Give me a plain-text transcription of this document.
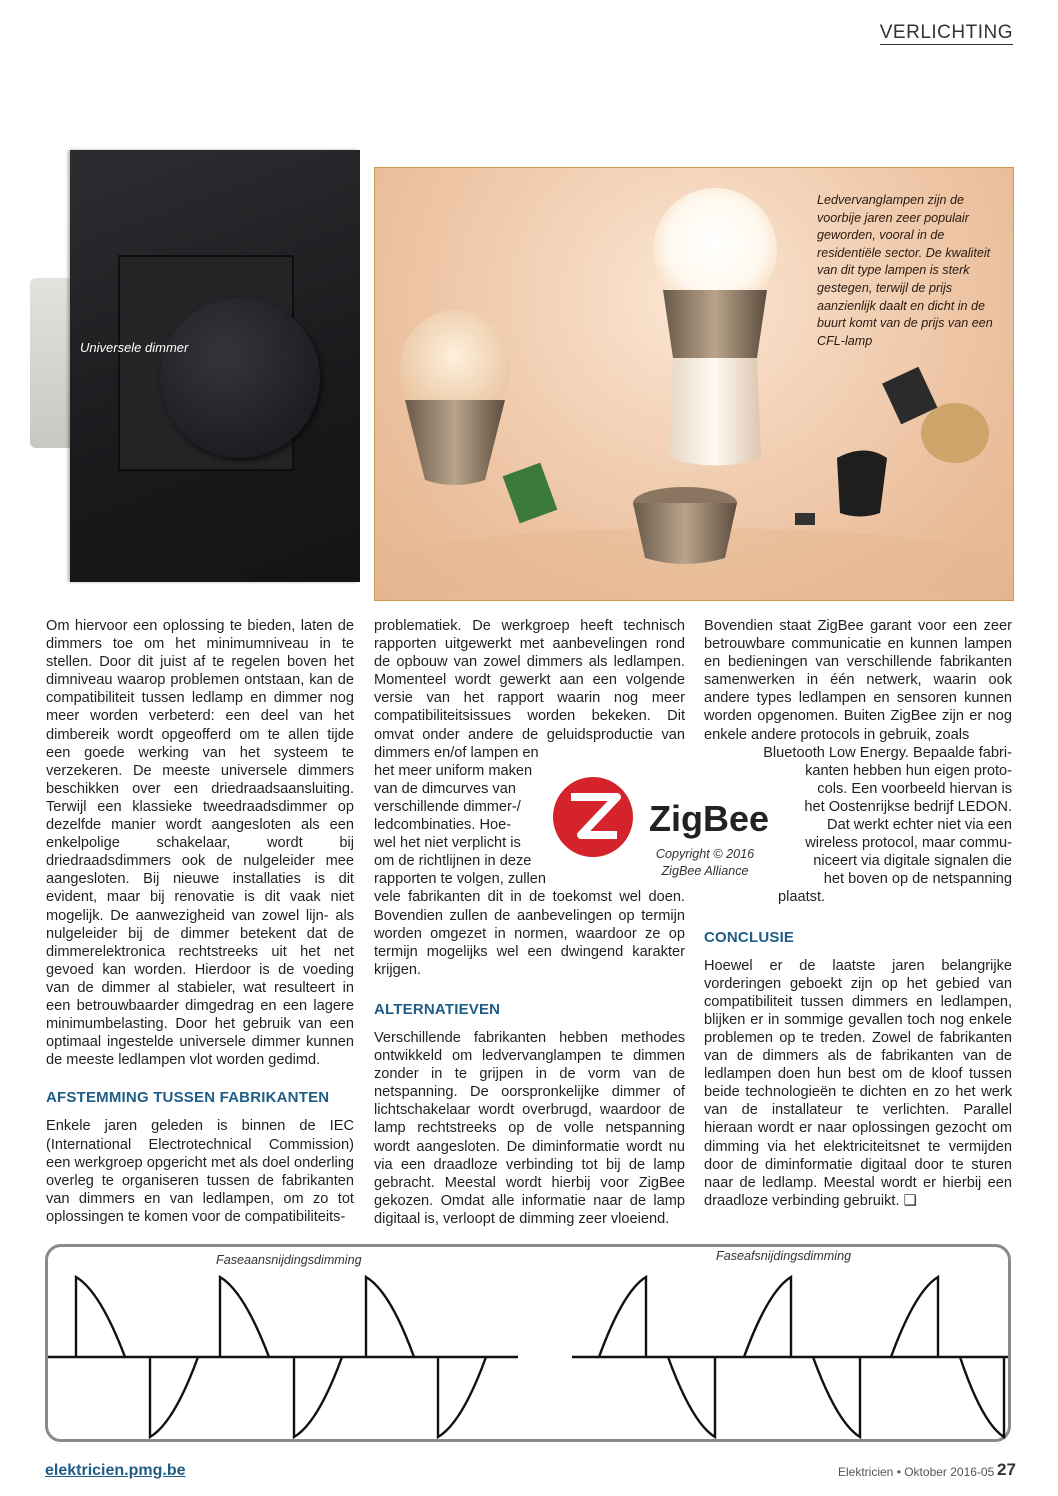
VERLICHTING
Universele dimmer
Ledvervanglampen zijn de voorbije jaren zeer populair geworden, vooral in de residentiële sector. De kwaliteit van dit type lampen is sterk gestegen, terwijl de prijs aanzienlijk daalt en dicht in de buurt komt van de prijs van een CFL-lamp

Om hiervoor een oplossing te bieden, laten de dimmers toe om het minimumniveau in te stellen. Door dit juist af te regelen boven het dimniveau waarop problemen ontstaan, kan de compatibiliteit tussen ledlamp en dimmer nog meer worden verbeterd: een deel van het dimbereik wordt opgeofferd om te allen tijde een goede werking van het systeem te verzekeren. De meeste universele dimmers beschikken over een driedraadsaansluiting. Terwijl een klassieke tweedraadsdimmer op dezelfde manier wordt aangesloten als een enkelpolige schakelaar, wordt bij driedraadsdimmers ook de nulgeleider mee aangesloten. Bij nieuwe installaties is dit evident, maar bij renovatie is dit vaak niet mogelijk. De aanwezigheid van zowel lijn- als nulgeleider bij de dimmer betekent dat de dimmerelektronica rechtstreeks uit het net gevoed kan worden. Hierdoor is de voeding van de dimmer al stabieler, wat resulteert in een betrouwbaarder dimgedrag en een lagere minimumbelasting. Door het gebruik van een optimaal ingestelde universele dimmer kunnen de meeste ledlampen vlot worden gedimd.

AFSTEMMING TUSSEN FABRIKANTEN

Enkele jaren geleden is binnen de IEC (International Electrotechnical Commission) een werkgroep opgericht met als doel onderling overleg te organiseren tussen de fabrikanten van dimmers en van ledlampen, om zo tot oplossingen te komen voor de compatibiliteits-

problematiek. De werkgroep heeft technisch rapporten uitgewerkt met aanbevelingen rond de opbouw van zowel dimmers als ledlampen. Momenteel wordt gewerkt aan een volgende versie van het rapport waarin nog meer compatibiliteitsissues worden bekeken. Dit omvat onder andere de geluidsproductie van dimmers en/of lampen en

het meer uniform maken
van de dimcurves van
verschillende dimmer-/
ledcombinaties. Hoe-
wel het niet verplicht is
om de richtlijnen in deze
rapporten te volgen, zullen

vele fabrikanten dit in de toekomst wel doen. Bovendien zullen de aanbevelingen op termijn worden omgezet in normen, waardoor ze op termijn mogelijks wel een dwingend karakter krijgen.

ALTERNATIEVEN

Verschillende fabrikanten hebben methodes ontwikkeld om ledvervanglampen te dimmen zonder in te grijpen in de vorm van de netspanning. De oorspronkelijke dimmer of lichtschakelaar wordt overbrugd, waardoor de lamp rechtstreeks op de volle netspanning wordt aangesloten. De diminformatie wordt nu via een draadloze verbinding tot bij de lamp gebracht. Meestal wordt hierbij voor ZigBee gekozen. Omdat alle informatie naar de lamp digitaal is, verloopt de dimming zeer vloeiend.

ZigBee
Copyright © 2016
ZigBee Alliance

Bovendien staat ZigBee garant voor een zeer betrouwbare communicatie en kunnen lampen en bedieningen van verschillende fabrikanten samenwerken in één netwerk, waarin ook andere types ledlampen en sensoren kunnen worden opgenomen. Buiten ZigBee zijn er nog enkele andere protocols in gebruik, zoals

Bluetooth Low Energy. Bepaalde fabri-
kanten hebben hun eigen proto-
cols. Een voorbeeld hiervan is
het Oostenrijkse bedrijf LEDON.
Dat werkt echter niet via een
wireless protocol, maar commu-
niceert via digitale signalen die
het boven op de netspanning
plaatst.
CONCLUSIE

Hoewel er de laatste jaren belangrijke vorderingen geboekt zijn op het gebied van compatibiliteit tussen dimmers en ledlampen, blijken er in sommige gevallen toch nog enkele problemen op te treden. Zowel de fabrikanten van de dimmers als de fabrikanten van de ledlampen doen hun best om de kloof tussen beide technologieën te dichten en zo het werk van de installateur te verlichten. Parallel hieraan wordt er naar oplossingen gezocht om dimming via het elektriciteitsnet te vermijden door de diminformatie digitaal door te sturen naar de ledlamp. Meestal wordt er hierbij een draadloze verbinding gebruikt. ❑

Faseaansnijdingsdimming	Faseafsnijdingsdimming
elektricien.pmg.be	Elektricien • Oktober 2016-05 27
